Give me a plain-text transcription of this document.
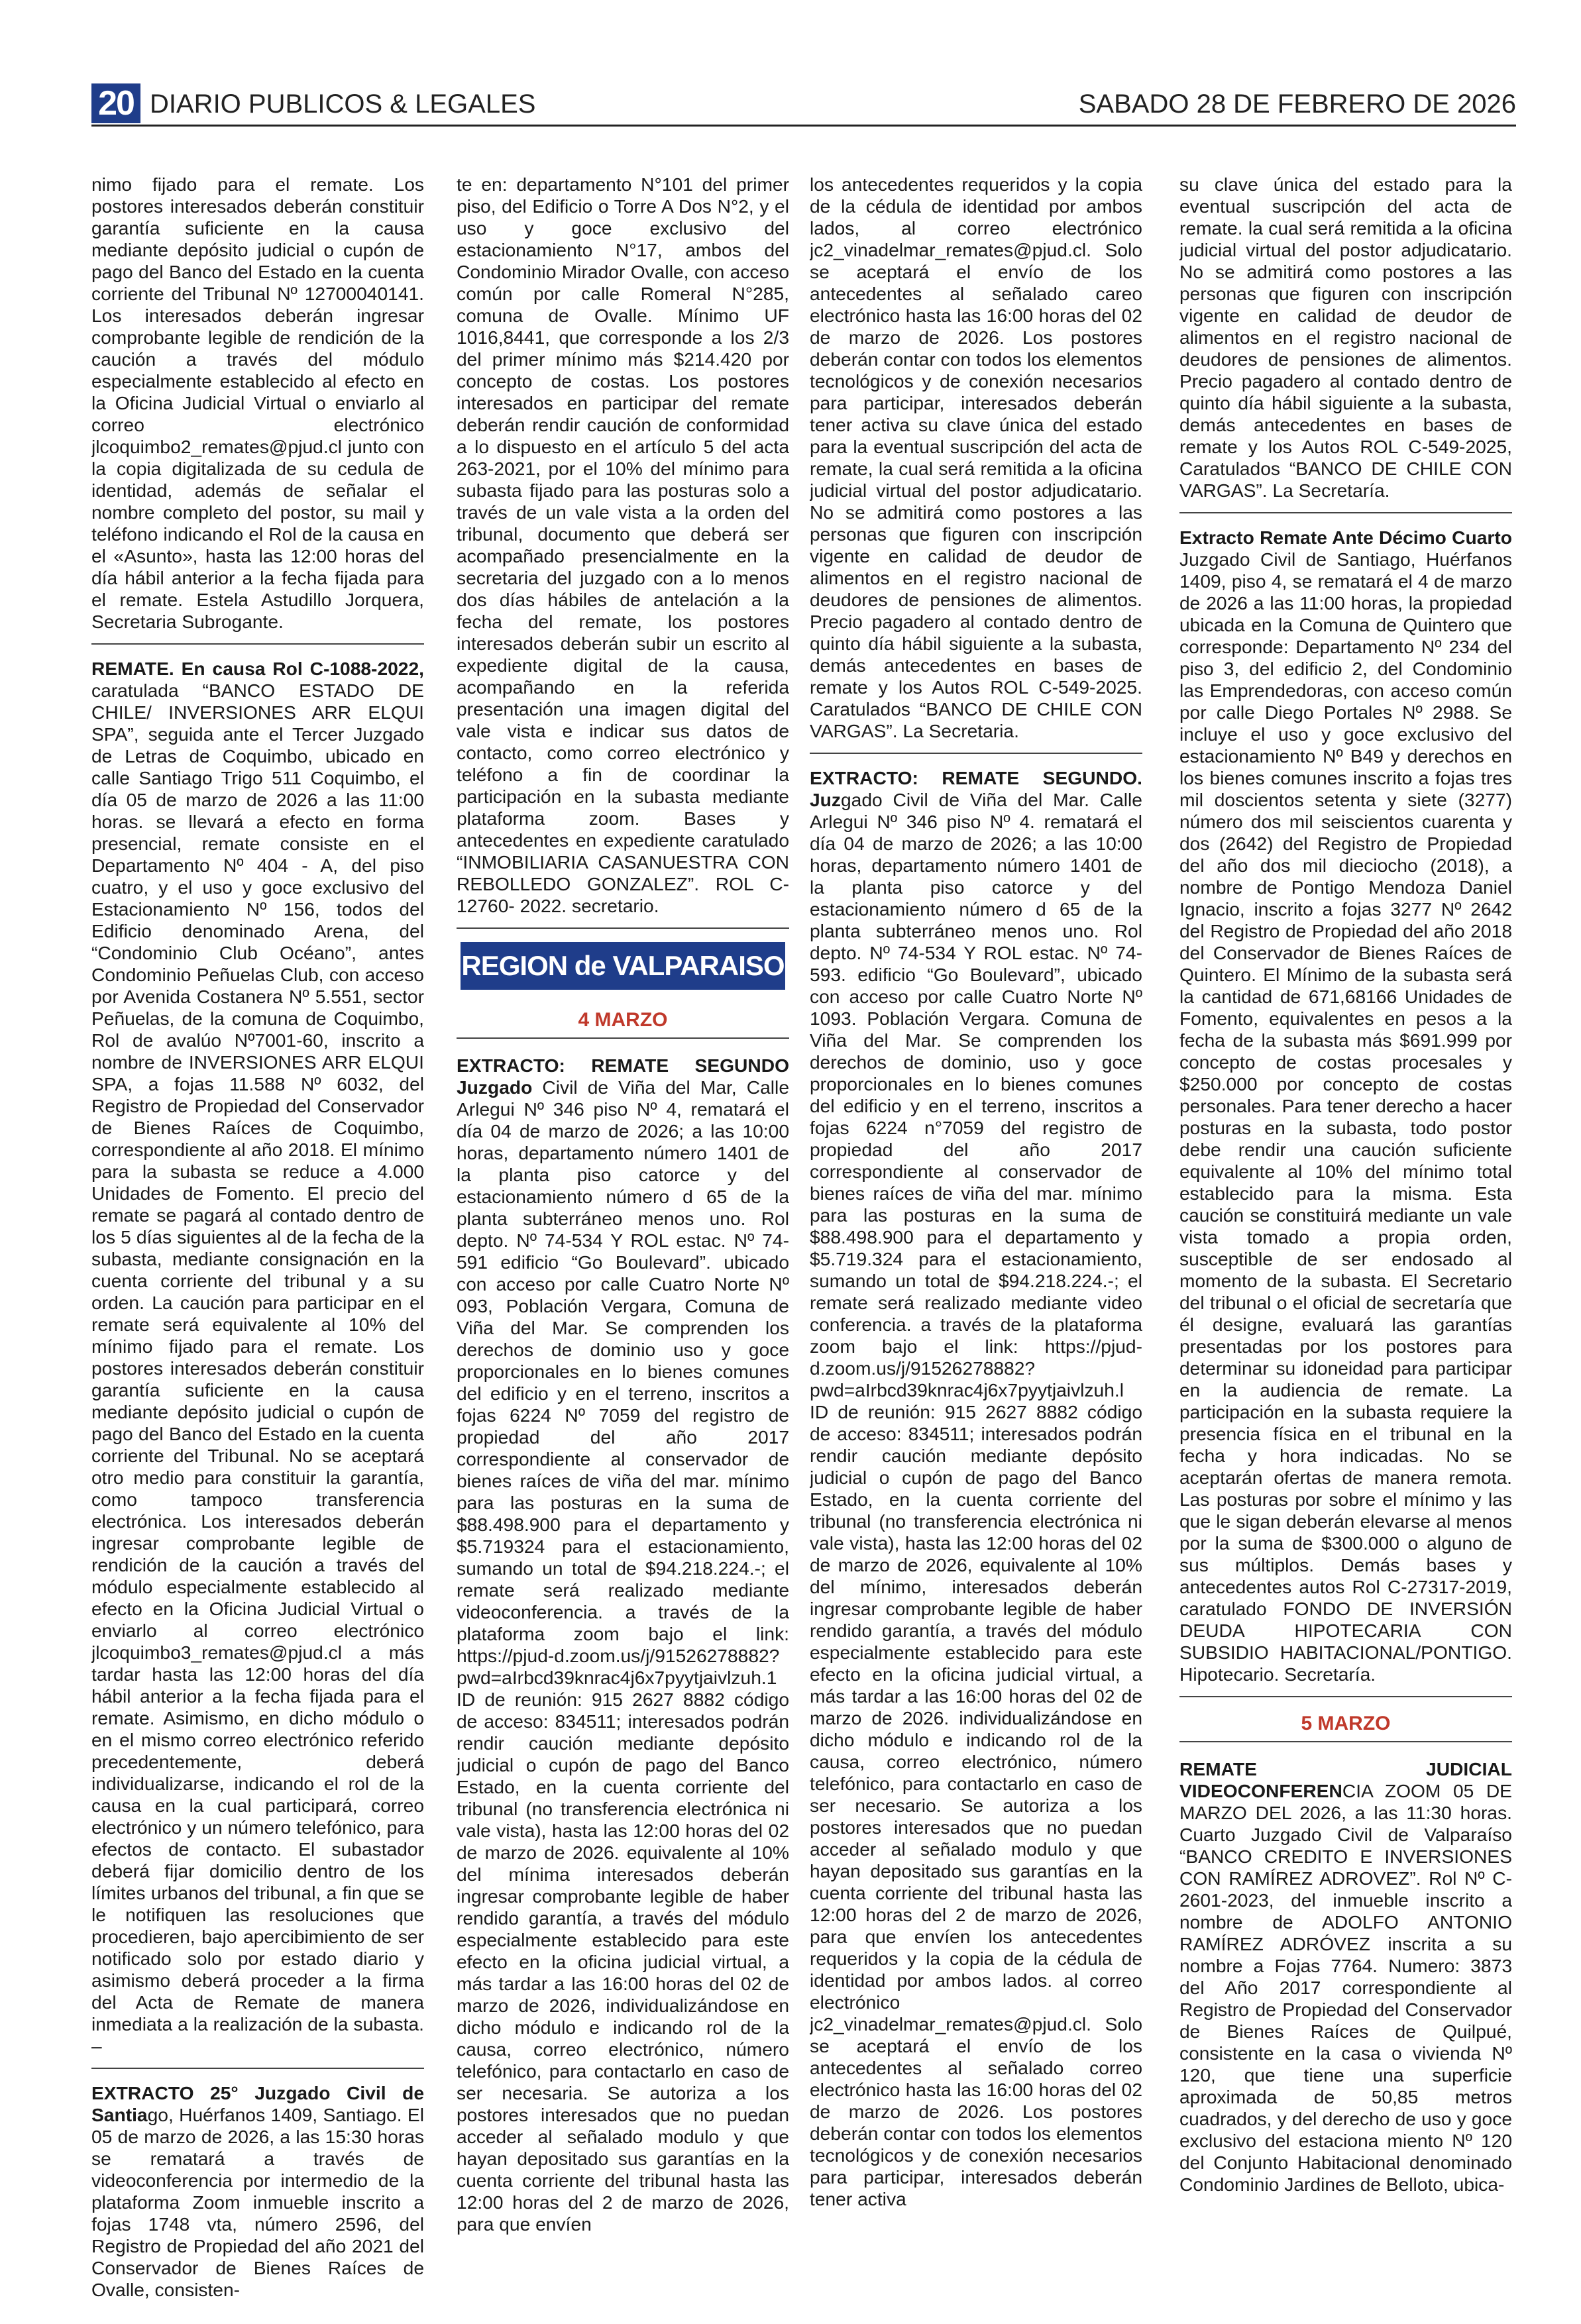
20 DIARIO PUBLICOS & LEGALES	SABADO 28 DE FEBRERO DE 2026

nimo fijado para el remate. Los postores interesados deberán constituir garantía suficiente en la causa mediante depósito judicial o cupón de pago del Banco del Estado en la cuenta corriente del Tribunal Nº 12700040141. Los interesados deberán ingresar comprobante legible de rendición de la caución a través del módulo especialmente establecido al efecto en la Oficina Judicial Virtual o enviarlo al correo electrónico jlcoquimbo2_remates@pjud.cl junto con la copia digitalizada de su cedula de identidad, además de señalar el nombre completo del postor, su mail y teléfono indicando el Rol de la causa en el «Asunto», hasta las 12:00 horas del día hábil anterior a la fecha fijada para el remate. Estela Astudillo Jorquera, Secretaria Subrogante.

REMATE. En causa Rol C-1088-2022, caratulada “BANCO ESTADO DE CHILE/ INVERSIONES ARR ELQUI SPA”, seguida ante el Tercer Juzgado de Letras de Coquimbo, ubicado en calle Santiago Trigo 511 Coquimbo, el día 05 de marzo de 2026 a las 11:00 horas. se llevará a efecto en forma presencial, remate consiste en el Departamento Nº 404 - A, del piso cuatro, y el uso y goce exclusivo del Estacionamiento Nº 156, todos del Edificio denominado Arena, del “Condominio Club Océano”, antes Condominio Peñuelas Club, con acceso por Avenida Costanera Nº 5.551, sector Peñuelas, de la comuna de Coquimbo, Rol de avalúo Nº7001-60, inscrito a nombre de INVERSIONES ARR ELQUI SPA, a fojas 11.588 Nº 6032, del Registro de Propiedad del Conservador de Bienes Raíces de Coquimbo, correspondiente al año 2018. El mínimo para la subasta se reduce a 4.000 Unidades de Fomento. El precio del remate se pagará al contado dentro de los 5 días siguientes al de la fecha de la subasta, mediante consignación en la cuenta corriente del tribunal y a su orden. La caución para participar en el remate será equivalente al 10% del mínimo fijado para el remate. Los postores interesados deberán constituir garantía suficiente en la causa mediante depósito judicial o cupón de pago del Banco del Estado en la cuenta corriente del Tribunal. No se aceptará otro medio para constituir la garantía, como tampoco transferencia electrónica. Los interesados deberán ingresar comprobante legible de rendición de la caución a través del módulo especialmente establecido al efecto en la Oficina Judicial Virtual o enviarlo al correo electrónico jlcoquimbo3_remates@pjud.cl a más tardar hasta las 12:00 horas del día hábil anterior a la fecha fijada para el remate. Asimismo, en dicho módulo o en el mismo correo electrónico referido precedentemente, deberá individualizarse, indicando el rol de la causa en la cual participará, correo electrónico y un número telefónico, para efectos de contacto. El subastador deberá fijar domicilio dentro de los límites urbanos del tribunal, a fin que se le notifiquen las resoluciones que procedieren, bajo apercibimiento de ser notificado solo por estado diario y asimismo deberá proceder a la firma del Acta de Remate de manera inmediata a la realización de la subasta. –

EXTRACTO 25° Juzgado Civil de Santiago, Huérfanos 1409, Santiago. El 05 de marzo de 2026, a las 15:30 horas se rematará a través de videoconferencia por intermedio de la plataforma Zoom inmueble inscrito a fojas 1748 vta, número 2596, del Registro de Propiedad del año 2021 del Conservador de Bienes Raíces de Ovalle, consisten-

te en: departamento N°101 del primer piso, del Edificio o Torre A Dos N°2, y el uso y goce exclusivo del estacionamiento N°17, ambos del Condominio Mirador Ovalle, con acceso común por calle Romeral N°285, comuna de Ovalle. Mínimo UF 1016,8441, que corresponde a los 2/3 del primer mínimo más $214.420 por concepto de costas. Los postores interesados en participar del remate deberán rendir caución de conformidad a lo dispuesto en el artículo 5 del acta 263-2021, por el 10% del mínimo para subasta fijado para las posturas solo a través de un vale vista a la orden del tribunal, documento que deberá ser acompañado presencialmente en la secretaria del juzgado con a lo menos dos días hábiles de antelación a la fecha del remate, los postores interesados deberán subir un escrito al expediente digital de la causa, acompañando en la referida presentación una imagen digital del vale vista e indicar sus datos de contacto, como correo electrónico y teléfono a fin de coordinar la participación en la subasta mediante plataforma zoom. Bases y antecedentes en expediente caratulado “INMOBILIARIA CASANUESTRA CON REBOLLEDO GONZALEZ”. ROL C-12760- 2022. secretario.

REGION de VALPARAISO
4 MARZO

EXTRACTO: REMATE SEGUNDO Juzgado Civil de Viña del Mar, Calle Arlegui Nº 346 piso Nº 4, rematará el día 04 de marzo de 2026; a las 10:00 horas, departamento número 1401 de la planta piso catorce y del estacionamiento número d 65 de la planta subterráneo menos uno. Rol depto. Nº 74-534 Y ROL estac. Nº 74-591 edificio “Go Boulevard”. ubicado con acceso por calle Cuatro Norte Nº 093, Población Vergara, Comuna de Viña del Mar. Se comprenden los derechos de dominio uso y goce proporcionales en lo bienes comunes del edificio y en el terreno, inscritos a fojas 6224 Nº 7059 del registro de propiedad del año 2017 correspondiente al conservador de bienes raíces de viña del mar. mínimo para las posturas en la suma de $88.498.900 para el departamento y $5.719324 para el estacionamiento, sumando un total de $94.218.224.-; el remate será realizado mediante videoconferencia. a través de la plataforma zoom bajo el link: https://pjud-d.zoom.us/j/91526278882?pwd=aIrbcd39knrac4j6x7pyytjaivlzuh.1 ID de reunión: 915 2627 8882 código de acceso: 834511; interesados podrán rendir caución mediante depósito judicial o cupón de pago del Banco Estado, en la cuenta corriente del tribunal (no transferencia electrónica ni vale vista), hasta las 12:00 horas del 02 de marzo de 2026. equivalente al 10% del mínima interesados deberán ingresar comprobante legible de haber rendido garantía, a través del módulo especialmente establecido para este efecto en la oficina judicial virtual, a más tardar a las 16:00 horas del 02 de marzo de 2026, individualizándose en dicho módulo e indicando rol de la causa, correo electrónico, número telefónico, para contactarlo en caso de ser necesaria. Se autoriza a los postores interesados que no puedan acceder al señalado modulo y que hayan depositado sus garantías en la cuenta corriente del tribunal hasta las 12:00 horas del 2 de marzo de 2026, para que envíen

los antecedentes requeridos y la copia de la cédula de identidad por ambos lados, al correo electrónico jc2_vinadelmar_remates@pjud.cl. Solo se aceptará el envío de los antecedentes al señalado careo electrónico hasta las 16:00 horas del 02 de marzo de 2026. Los postores deberán contar con todos los elementos tecnológicos y de conexión necesarios para participar, interesados deberán tener activa su clave única del estado para la eventual suscripción del acta de remate, la cual será remitida a la oficina judicial virtual del postor adjudicatario. No se admitirá como postores a las personas que figuren con inscripción vigente en calidad de deudor de alimentos en el registro nacional de deudores de pensiones de alimentos. Precio pagadero al contado dentro de quinto día hábil siguiente a la subasta, demás antecedentes en bases de remate y los Autos ROL C-549-2025. Caratulados “BANCO DE CHILE CON VARGAS”. La Secretaria.

EXTRACTO: REMATE SEGUNDO. Juzgado Civil de Viña del Mar. Calle Arlegui Nº 346 piso Nº 4. rematará el día 04 de marzo de 2026; a las 10:00 horas, departamento número 1401 de la planta piso catorce y del estacionamiento número d 65 de la planta subterráneo menos uno. Rol depto. Nº 74-534 Y ROL estac. Nº 74-593. edificio “Go Boulevard”, ubicado con acceso por calle Cuatro Norte Nº 1093. Población Vergara. Comuna de Viña del Mar. Se comprenden los derechos de dominio, uso y goce proporcionales en lo bienes comunes del edificio y en el terreno, inscritos a fojas 6224 n°7059 del registro de propiedad del año 2017 correspondiente al conservador de bienes raíces de viña del mar. mínimo para las posturas en la suma de $88.498.900 para el departamento y $5.719.324 para el estacionamiento, sumando un total de $94.218.224.-; el remate será realizado mediante video conferencia. a través de la plataforma zoom bajo el link: https://pjud-d.zoom.us/j/91526278882?pwd=aIrbcd39knrac4j6x7pyytjaivlzuh.l ID de reunión: 915 2627 8882 código de acceso: 834511; interesados podrán rendir caución mediante depósito judicial o cupón de pago del Banco Estado, en la cuenta corriente del tribunal (no transferencia electrónica ni vale vista), hasta las 12:00 horas del 02 de marzo de 2026, equivalente al 10% del mínimo, interesados deberán ingresar comprobante legible de haber rendido garantía, a través del módulo especialmente establecido para este efecto en la oficina judicial virtual, a más tardar a las 16:00 horas del 02 de marzo de 2026. individualizándose en dicho módulo e indicando rol de la causa, correo electrónico, número telefónico, para contactarlo en caso de ser necesario. Se autoriza a los postores interesados que no puedan acceder al señalado modulo y que hayan depositado sus garantías en la cuenta corriente del tribunal hasta las 12:00 horas del 2 de marzo de 2026, para que envíen los antecedentes requeridos y la copia de la cédula de identidad por ambos lados. al correo electrónico jc2_vinadelmar_remates@pjud.cl. Solo se aceptará el envío de los antecedentes al señalado correo electrónico hasta las 16:00 horas del 02 de marzo de 2026. Los postores deberán contar con todos los elementos tecnológicos y de conexión necesarios para participar, interesados deberán tener activa

su clave única del estado para la eventual suscripción del acta de remate. la cual será remitida a la oficina judicial virtual del postor adjudicatario. No se admitirá como postores a las personas que figuren con inscripción vigente en calidad de deudor de alimentos en el registro nacional de deudores de pensiones de alimentos. Precio pagadero al contado dentro de quinto día hábil siguiente a la subasta, demás antecedentes en bases de remate y los Autos ROL C-549-2025, Caratulados “BANCO DE CHILE CON VARGAS”. La Secretaría.

Extracto Remate Ante Décimo Cuarto Juzgado Civil de Santiago, Huérfanos 1409, piso 4, se rematará el 4 de marzo de 2026 a las 11:00 horas, la propiedad ubicada en la Comuna de Quintero que corresponde: Departamento Nº 234 del piso 3, del edificio 2, del Condominio las Emprendedoras, con acceso común por calle Diego Portales Nº 2988. Se incluye el uso y goce exclusivo del estacionamiento Nº B49 y derechos en los bienes comunes inscrito a fojas tres mil doscientos setenta y siete (3277) número dos mil seiscientos cuarenta y dos (2642) del Registro de Propiedad del año dos mil dieciocho (2018), a nombre de Pontigo Mendoza Daniel Ignacio, inscrito a fojas 3277 Nº 2642 del Registro de Propiedad del año 2018 del Conservador de Bienes Raíces de Quintero. El Mínimo de la subasta será la cantidad de 671,68166 Unidades de Fomento, equivalentes en pesos a la fecha de la subasta más $691.999 por concepto de costas procesales y $250.000 por concepto de costas personales. Para tener derecho a hacer posturas en la subasta, todo postor debe rendir una caución suficiente equivalente al 10% del mínimo total establecido para la misma. Esta caución se constituirá mediante un vale vista tomado a propia orden, susceptible de ser endosado al momento de la subasta. El Secretario del tribunal o el oficial de secretaría que él designe, evaluará las garantías presentadas por los postores para determinar su idoneidad para participar en la audiencia de remate. La participación en la subasta requiere la presencia física en el tribunal en la fecha y hora indicadas. No se aceptarán ofertas de manera remota. Las posturas por sobre el mínimo y las que le sigan deberán elevarse al menos por la suma de $300.000 o alguno de sus múltiplos. Demás bases y antecedentes autos Rol C-27317-2019, caratulado FONDO DE INVERSIÓN DEUDA HIPOTECARIA CON SUBSIDIO HABITACIONAL/PONTIGO. Hipotecario. Secretaría.

5 MARZO

REMATE JUDICIAL VIDEOCONFERENCIA ZOOM 05 DE MARZO DEL 2026, a las 11:30 horas. Cuarto Juzgado Civil de Valparaíso “BANCO CREDITO E INVERSIONES CON RAMÍREZ ADROVEZ”. Rol Nº C-2601-2023, del inmueble inscrito a nombre de ADOLFO ANTONIO RAMÍREZ ADRÓVEZ inscrita a su nombre a Fojas 7764. Numero: 3873 del Año 2017 correspondiente al Registro de Propiedad del Conservador de Bienes Raíces de Quilpué, consistente en la casa o vivienda Nº 120, que tiene una superficie aproximada de 50,85 metros cuadrados, y del derecho de uso y goce exclusivo del estaciona miento Nº 120 del Conjunto Habitacional denominado Condominio Jardines de Belloto, ubica-
